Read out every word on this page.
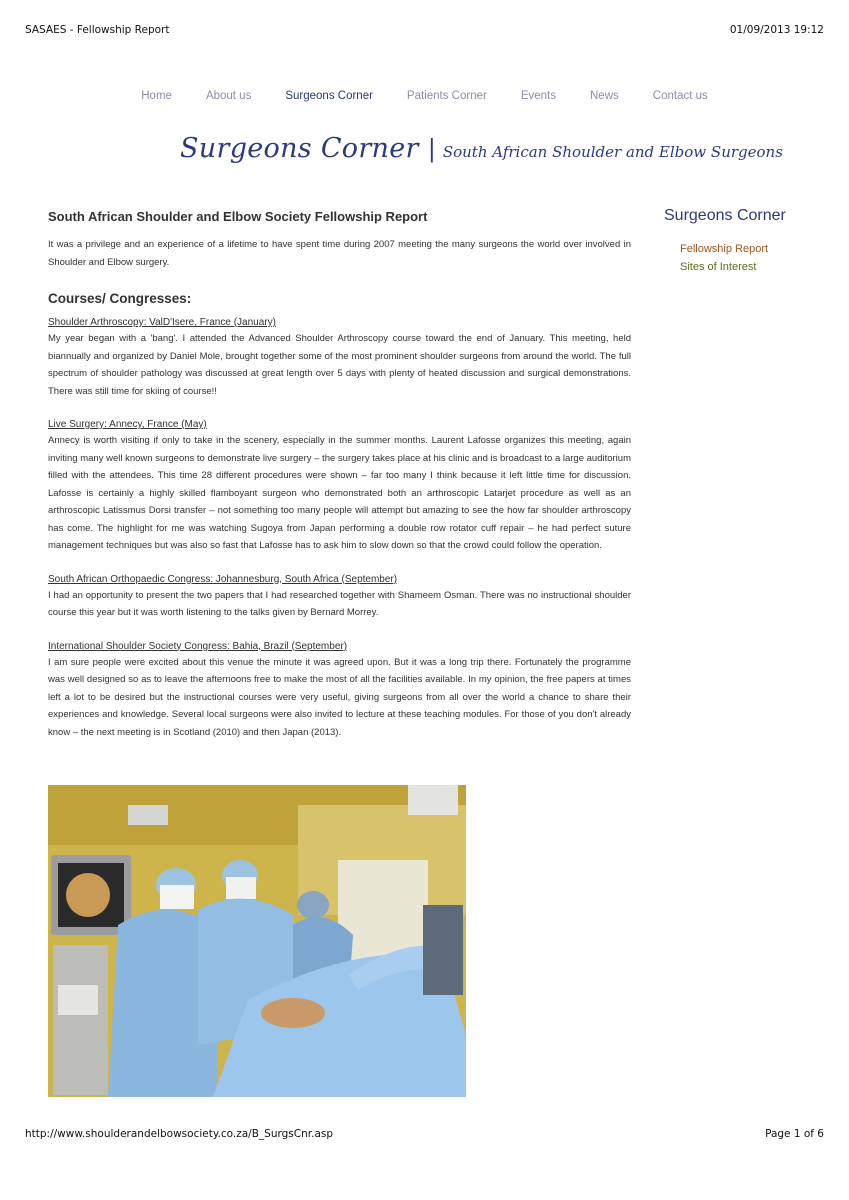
SASAES - Fellowship Report	01/09/2013 19:12
Home	About us	Surgeons Corner	Patients Corner	Events	News	Contact us
Surgeons Corner | South African Shoulder and Elbow Surgeons
South African Shoulder and Elbow Society Fellowship Report

It was a privilege and an experience of a lifetime to have spent time during 2007 meeting the many surgeons the world over involved in Shoulder and Elbow surgery.

Courses/ Congresses:
Shoulder Arthroscopy: ValD'Isere, France (January)

My year began with a 'bang'. I attended the Advanced Shoulder Arthroscopy course toward the end of January. This meeting, held biannually and organized by Daniel Mole, brought together some of the most prominent shoulder surgeons from around the world. The full spectrum of shoulder pathology was discussed at great length over 5 days with plenty of heated discussion and surgical demonstrations. There was still time for skiing of course!!

Live Surgery: Annecy, France (May)

Annecy is worth visiting if only to take in the scenery, especially in the summer months. Laurent Lafosse organizes this meeting, again inviting many well known surgeons to demonstrate live surgery – the surgery takes place at his clinic and is broadcast to a large auditorium filled with the attendees. This time 28 different procedures were shown – far too many I think because it left little time for discussion. Lafosse is certainly a highly skilled flamboyant surgeon who demonstrated both an arthroscopic Latarjet procedure as well as an arthroscopic Latissmus Dorsi transfer – not something too many people will attempt but amazing to see the how far shoulder arthroscopy has come. The highlight for me was watching Sugoya from Japan performing a double row rotator cuff repair – he had perfect suture management techniques but was also so fast that Lafosse has to ask him to slow down so that the crowd could follow the operation.

South African Orthopaedic Congress: Johannesburg, South Africa (September)

I had an opportunity to present the two papers that I had researched together with Shameem Osman. There was no instructional shoulder course this year but it was worth listening to the talks given by Bernard Morrey.

International Shoulder Society Congress: Bahia, Brazil (September)

I am sure people were excited about this venue the minute it was agreed upon. But it was a long trip there. Fortunately the programme was well designed so as to leave the afternoons free to make the most of all the facilities available. In my opinion, the free papers at times left a lot to be desired but the instructional courses were very useful, giving surgeons from all over the world a chance to share their experiences and knowledge. Several local surgeons were also invited to lecture at these teaching modules. For those of you don't already know – the next meeting is in Scotland (2010) and then Japan (2013).

Surgeons Corner
Fellowship Report
Sites of Interest
http://www.shoulderandelbowsociety.co.za/B_SurgsCnr.asp	Page 1 of 6
